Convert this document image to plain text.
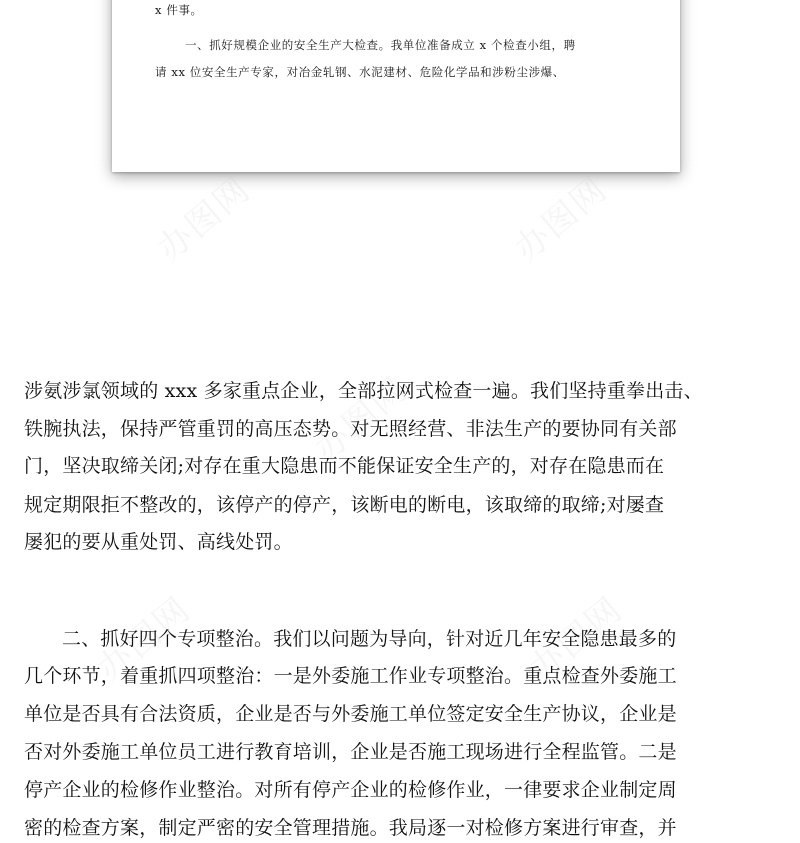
x 件事。
一、抓好规模企业的安全生产大检查。我单位准备成立 x 个检查小组，聘
请 xx 位安全生产专家，对冶金轧钢、水泥建材、危险化学品和涉粉尘涉爆、
办图网	办图网
办图网
办图网	办图网
涉氨涉氯领域的 xxx 多家重点企业，全部拉网式检查一遍。我们坚持重拳出击、
铁腕执法，保持严管重罚的高压态势。对无照经营、非法生产的要协同有关部
门，坚决取缔关闭;对存在重大隐患而不能保证安全生产的，对存在隐患而在
规定期限拒不整改的，该停产的停产，该断电的断电，该取缔的取缔;对屡查
屡犯的要从重处罚、高线处罚。
二、抓好四个专项整治。我们以问题为导向，针对近几年安全隐患最多的
几个环节，着重抓四项整治：一是外委施工作业专项整治。重点检查外委施工
单位是否具有合法资质，企业是否与外委施工单位签定安全生产协议，企业是
否对外委施工单位员工进行教育培训，企业是否施工现场进行全程监管。二是
停产企业的检修作业整治。对所有停产企业的检修作业，一律要求企业制定周
密的检查方案，制定严密的安全管理措施。我局逐一对检修方案进行审查，并
